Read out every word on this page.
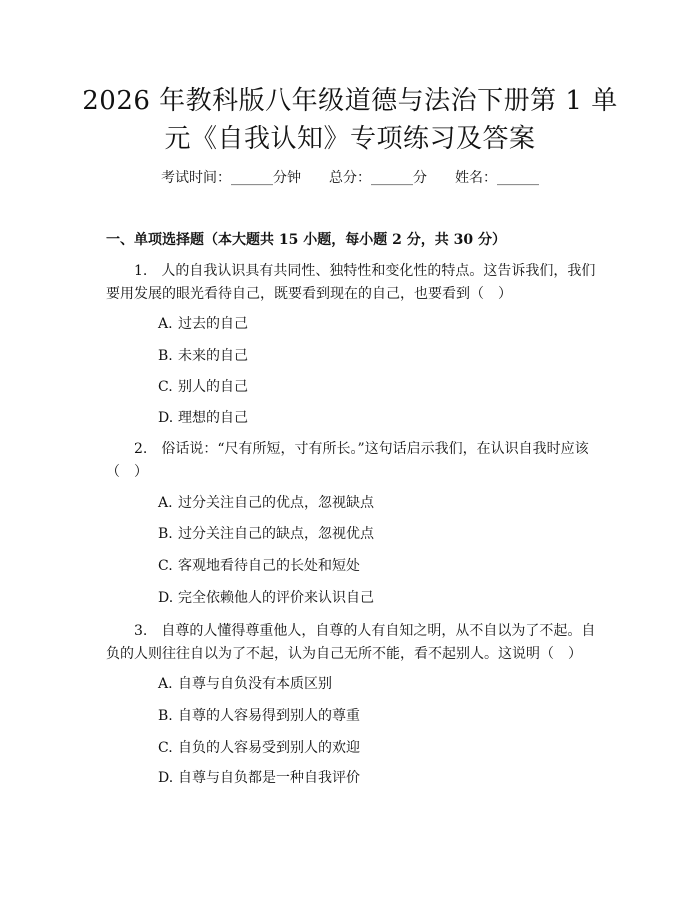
2026 年教科版八年级道德与法治下册第 1 单
元《自我认知》专项练习及答案
考试时间：______分钟 总分：______分 姓名：______
一、单项选择题（本大题共 15 小题，每小题 2 分，共 30 分）
1.　人的自我认识具有共同性、独特性和变化性的特点。这告诉我们，我们要用发展的眼光看待自己，既要看到现在的自己，也要看到（　）
A. 过去的自己
B. 未来的自己
C. 别人的自己
D. 理想的自己
2.　俗话说：“尺有所短，寸有所长。”这句话启示我们，在认识自我时应该（　）
A. 过分关注自己的优点，忽视缺点
B. 过分关注自己的缺点，忽视优点
C. 客观地看待自己的长处和短处
D. 完全依赖他人的评价来认识自己
3.　自尊的人懂得尊重他人，自尊的人有自知之明，从不自以为了不起。自负的人则往往自以为了不起，认为自己无所不能，看不起别人。这说明（　）
A. 自尊与自负没有本质区别
B. 自尊的人容易得到别人的尊重
C. 自负的人容易受到别人的欢迎
D. 自尊与自负都是一种自我评价
